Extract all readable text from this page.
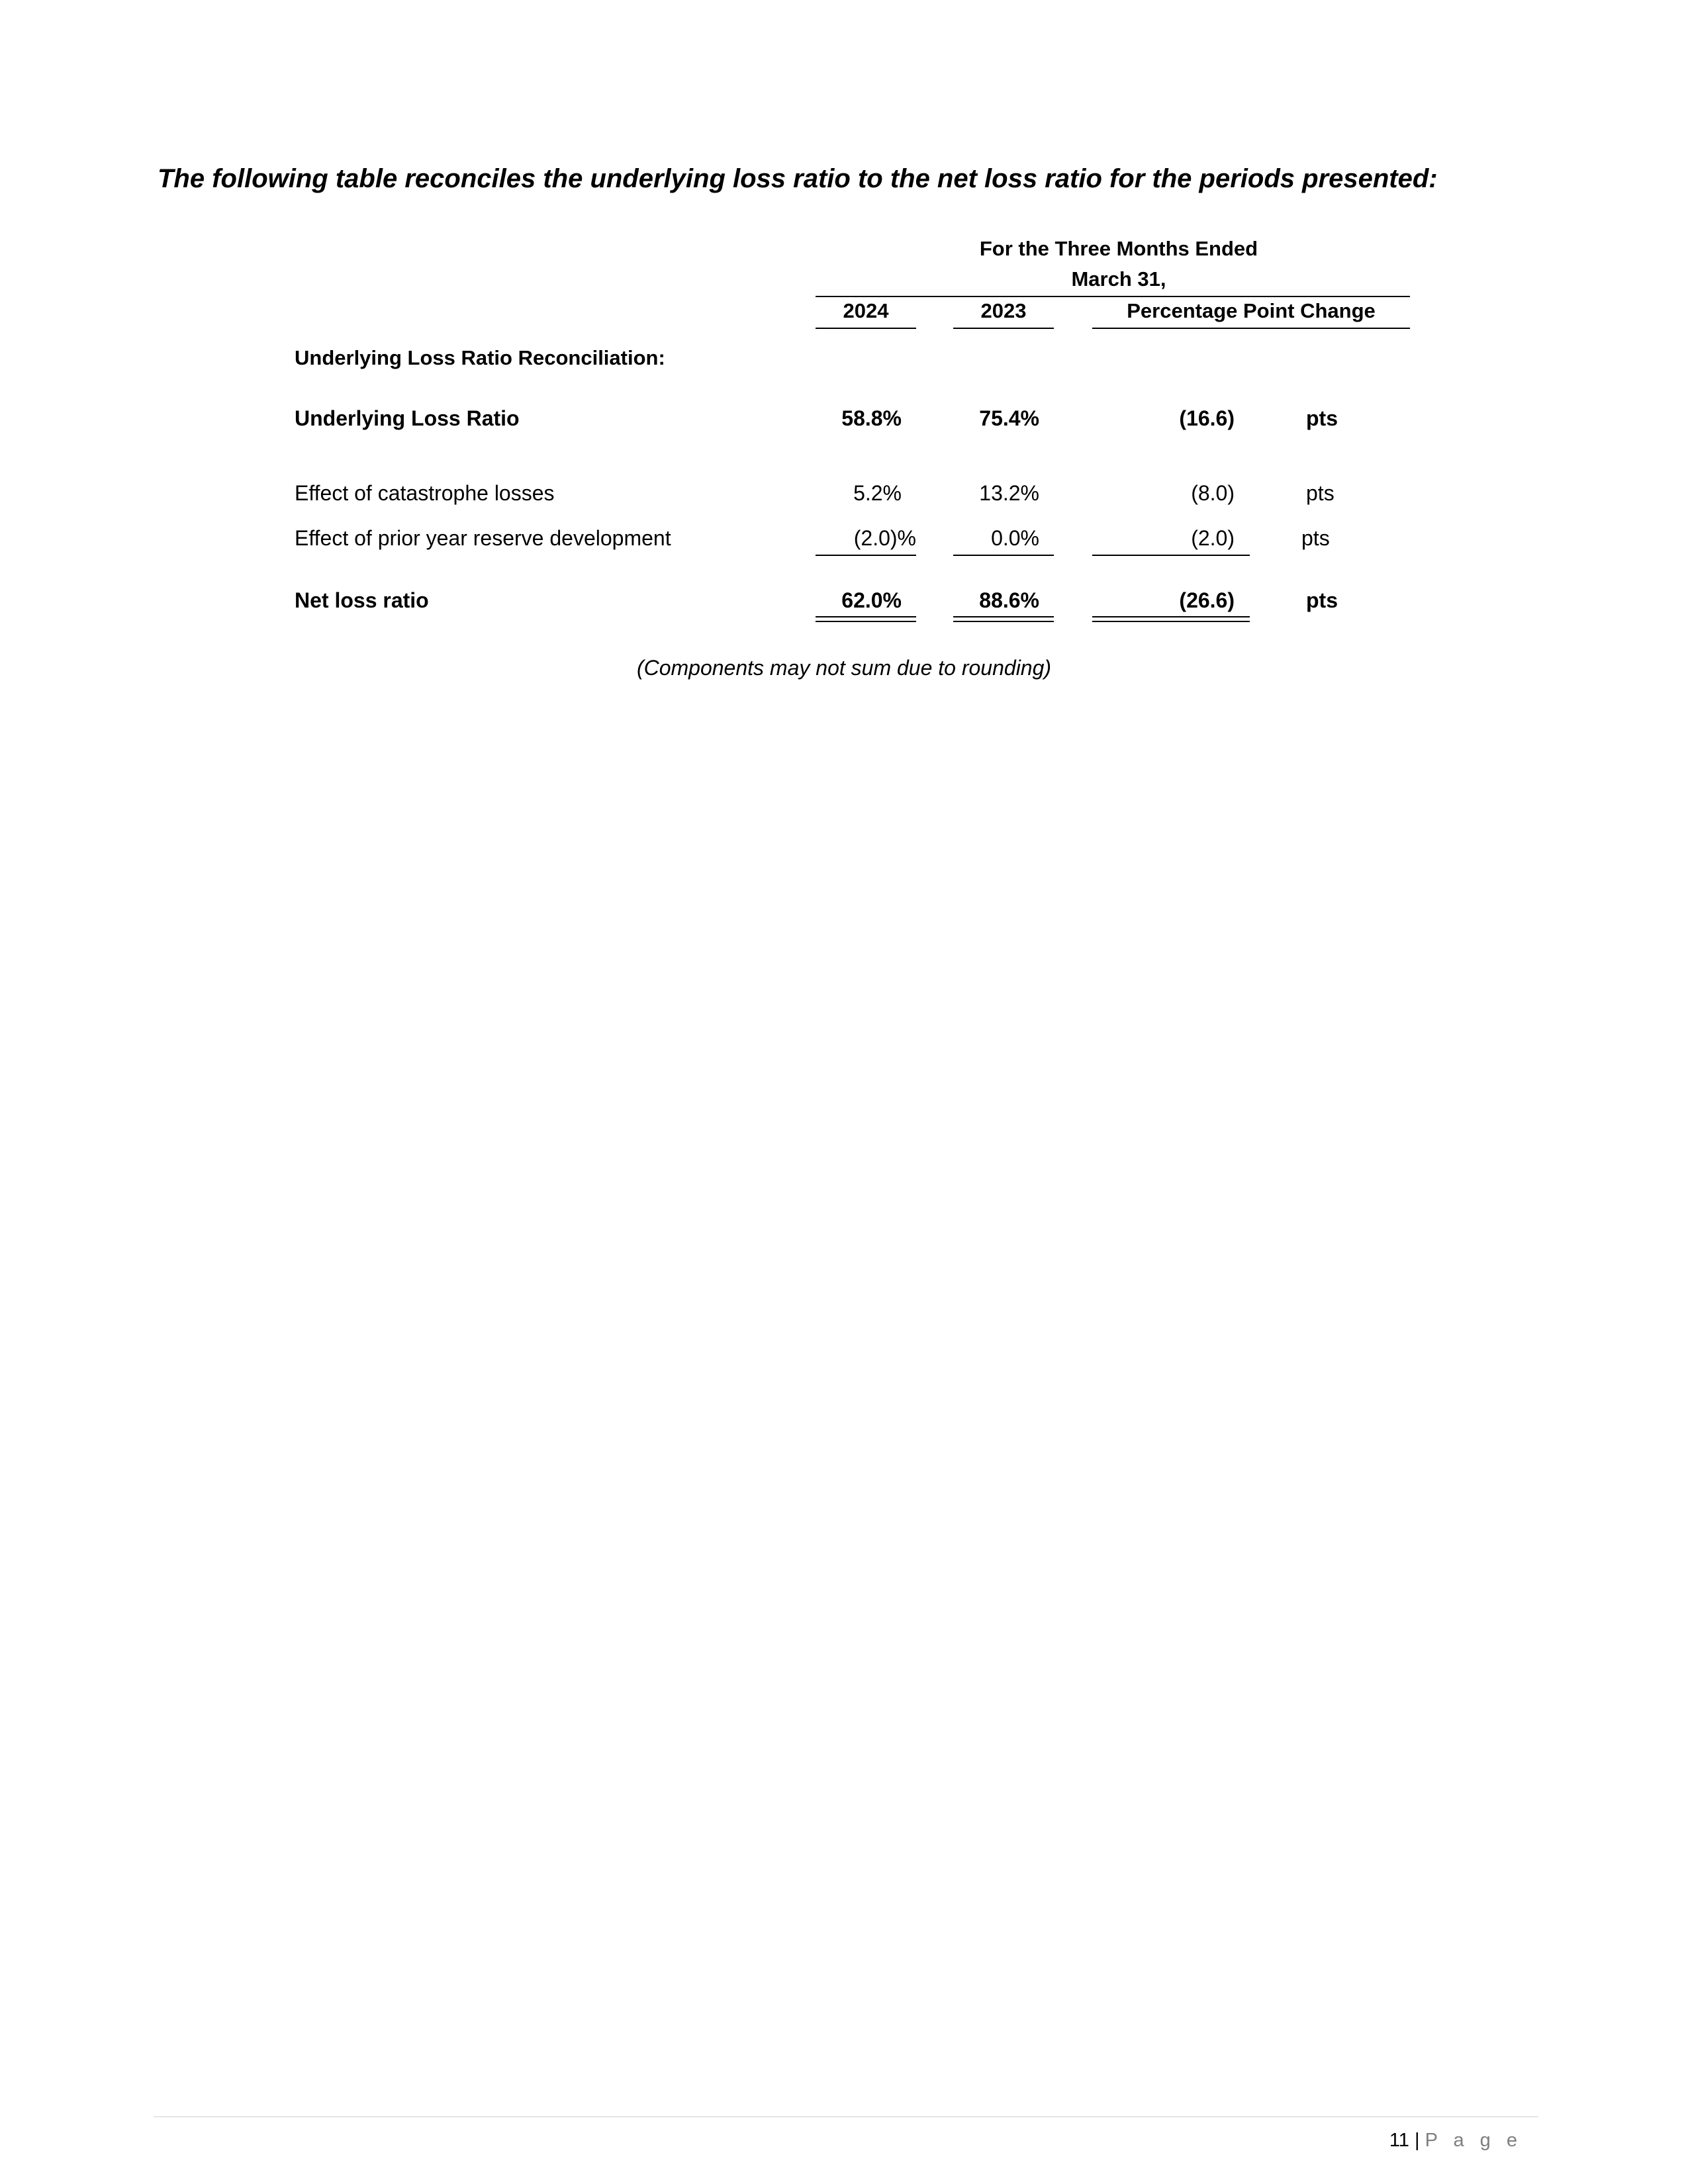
The following table reconciles the underlying loss ratio to the net loss ratio for the periods presented:
For the Three Months Ended
March 31,
2024	2023	Percentage Point Change
Underlying Loss Ratio Reconciliation:
Underlying Loss Ratio	58.8%	75.4%	(16.6)	pts
Effect of catastrophe losses	5.2%	13.2%	(8.0)	pts
Effect of prior year reserve development	(2.0)%	0.0%	(2.0)	pts
Net loss ratio	62.0%	88.6%	(26.6)	pts
(Components may not sum due to rounding)
11 | P a g e
